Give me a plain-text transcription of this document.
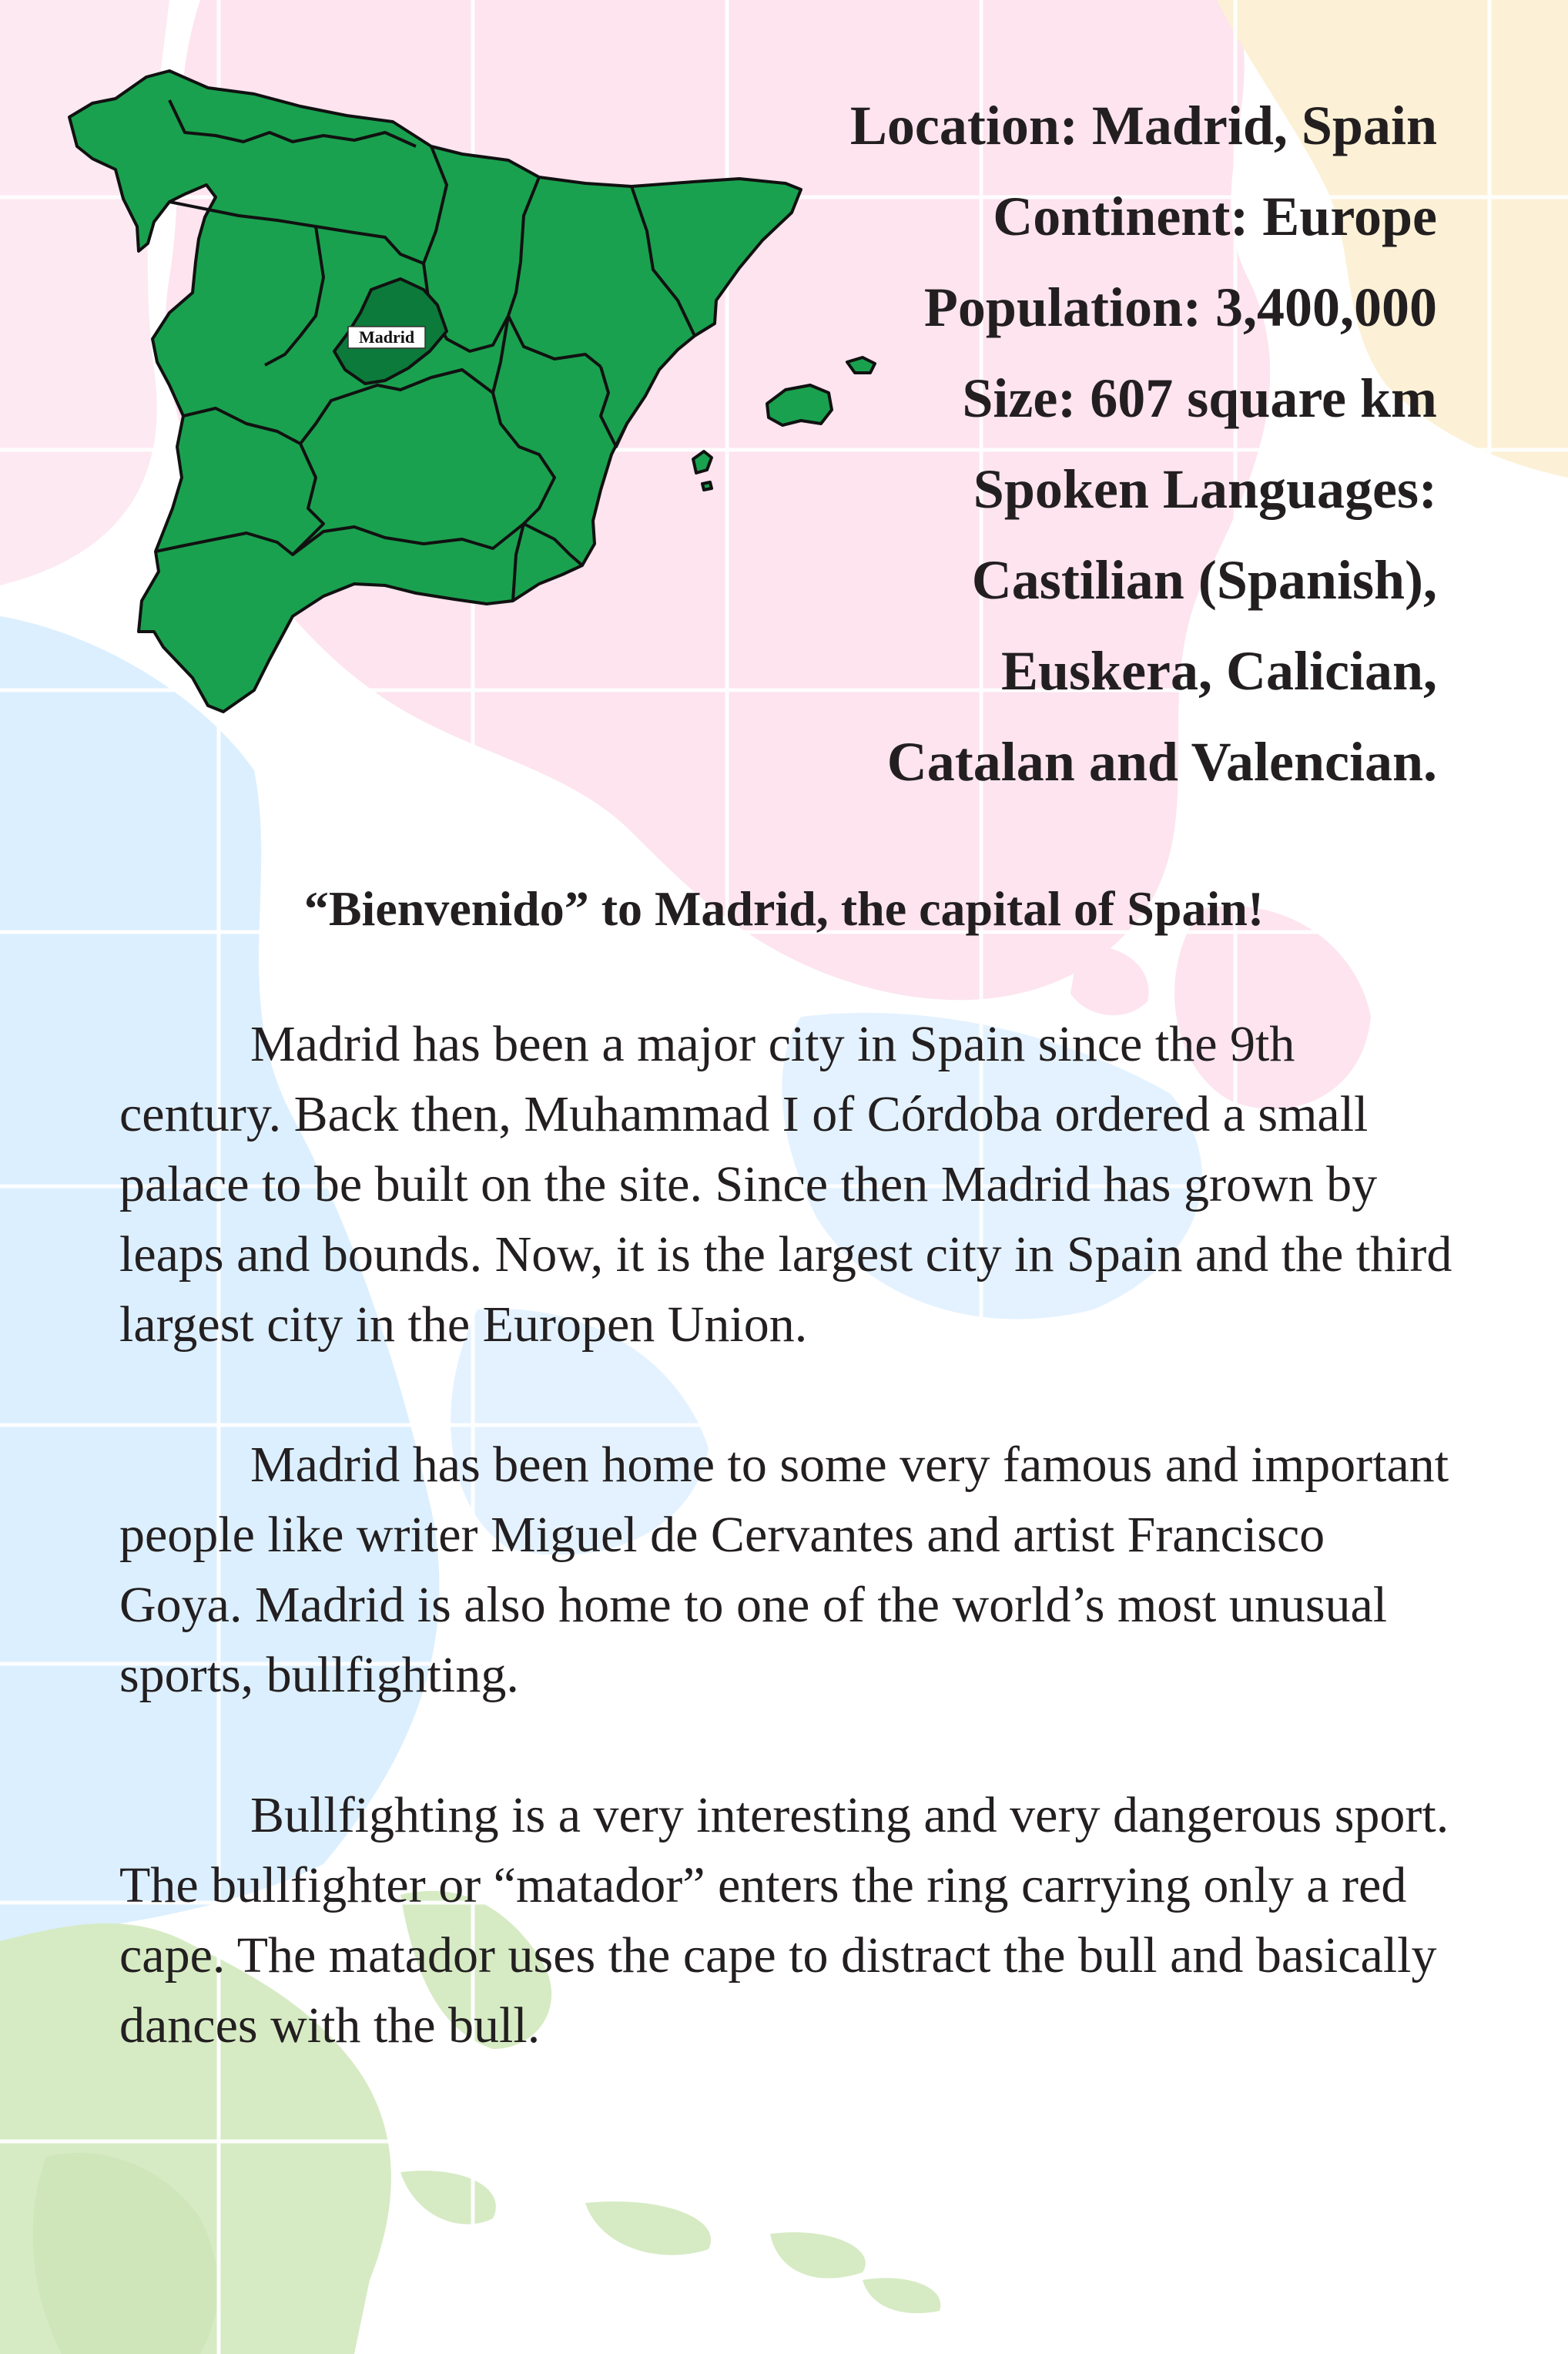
Madrid
Location: Madrid, Spain
Continent: Europe
Population: 3,400,000
Size: 607 square km
Spoken Languages:
Castilian (Spanish),
Euskera, Calician,
Catalan and Valencian.
“Bienvenido” to Madrid, the capital of Spain!

Madrid has been a major city in Spain since the 9th century. Back then, Muhammad I of Córdoba ordered a small palace to be built on the site. Since then Madrid has grown by leaps and bounds. Now, it is the largest city in Spain and the third largest city in the Europen Union.

Madrid has been home to some very famous and important people like writer Miguel de Cervantes and artist Francisco Goya. Madrid is also home to one of the world’s most unusual sports, bullfighting.

Bullfighting is a very interesting and very dangerous sport. The bullfighter or “matador” enters the ring carrying only a red cape. The matador uses the cape to distract the bull and basically dances with the bull.
